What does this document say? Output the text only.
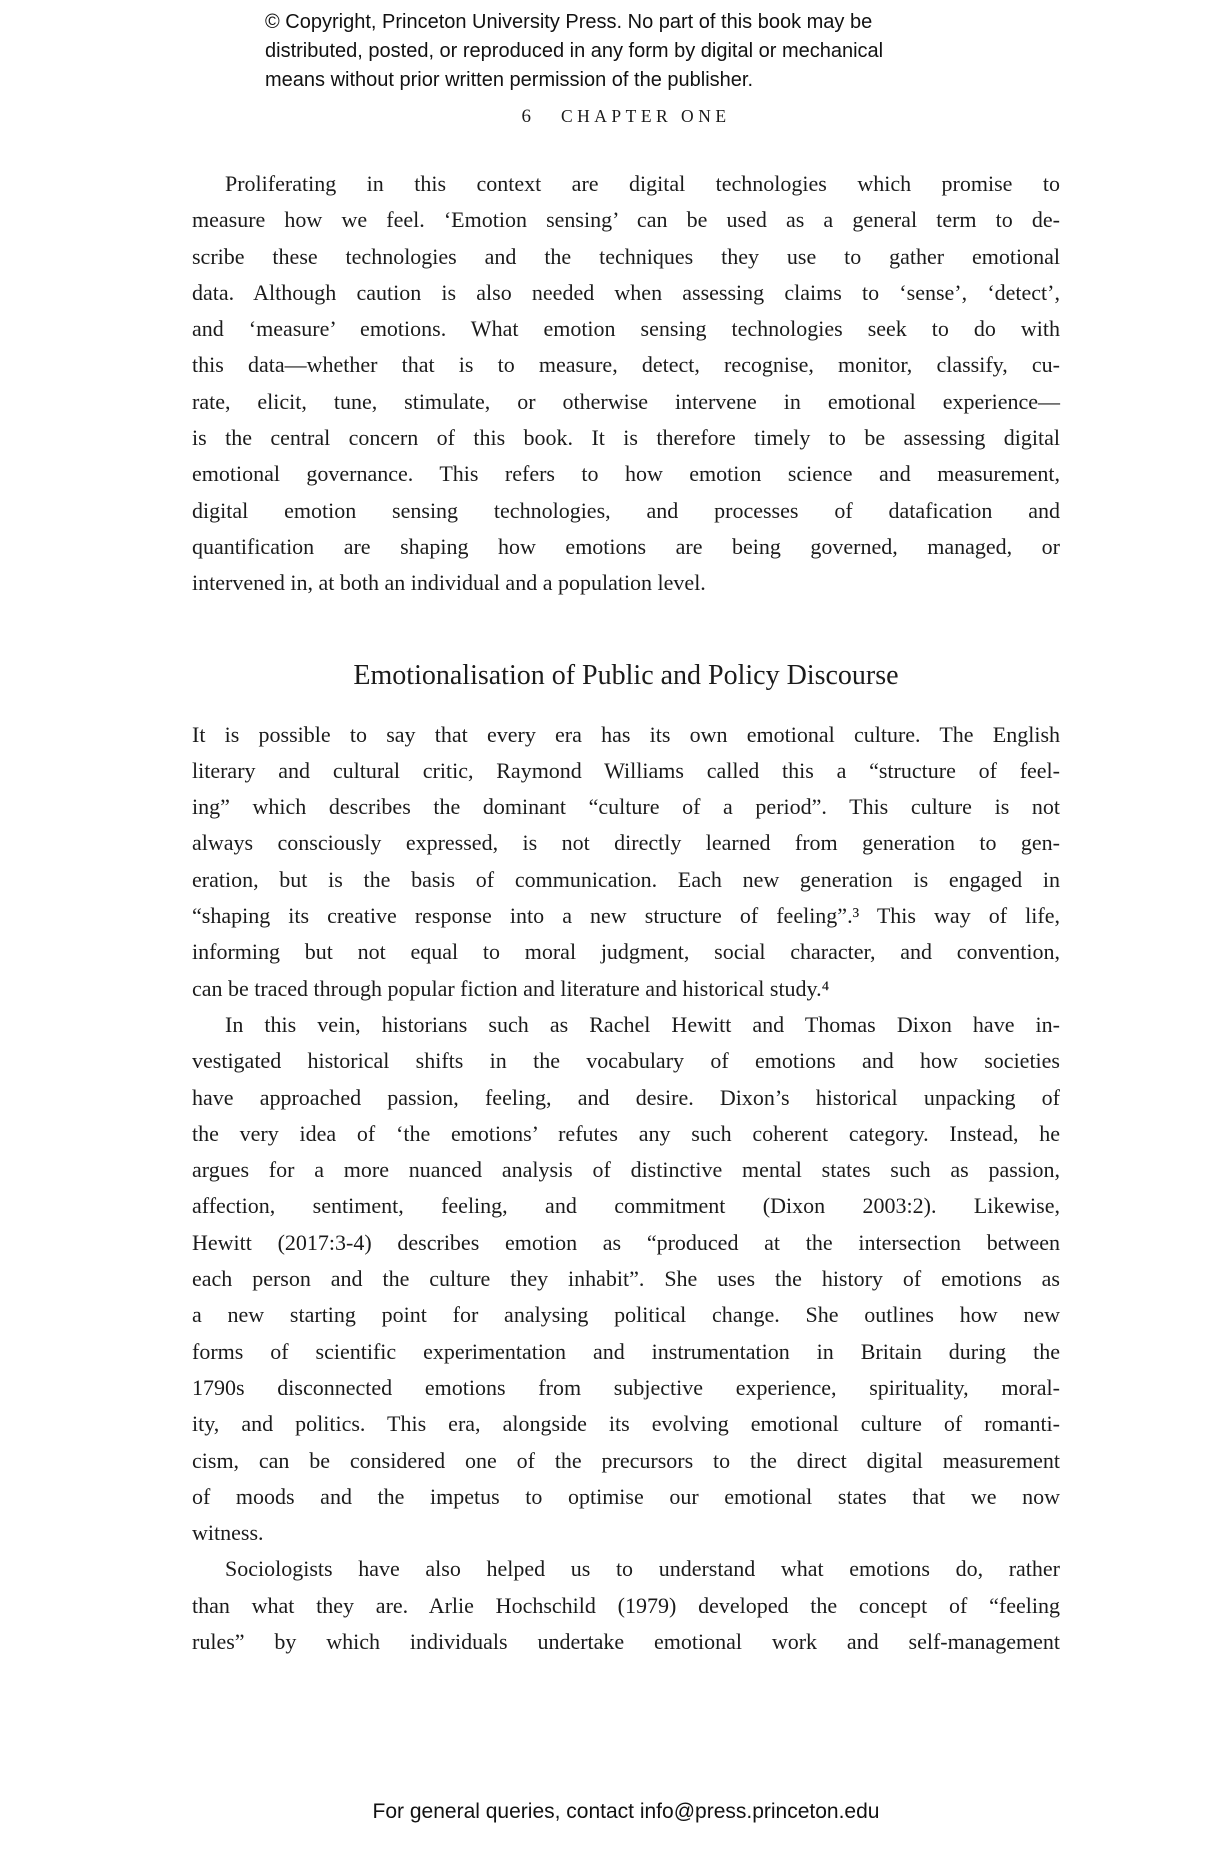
© Copyright, Princeton University Press. No part of this book may be
distributed, posted, or reproduced in any form by digital or mechanical
means without prior written permission of the publisher.
6 CHAPTER ONE
Proliferating in this context are digital technologies which promise to
measure how we feel. ‘Emotion sensing’ can be used as a general term to de-
scribe these technologies and the techniques they use to gather emotional
data. Although caution is also needed when assessing claims to ‘sense’, ‘detect’,
and ‘measure’ emotions. What emotion sensing technologies seek to do with
this data—whether that is to measure, detect, recognise, monitor, classify, cu-
rate, elicit, tune, stimulate, or otherwise intervene in emotional experience—
is the central concern of this book. It is therefore timely to be assessing digital
emotional governance. This refers to how emotion science and measurement,
digital emotion sensing technologies, and processes of datafication and
quantification are shaping how emotions are being governed, managed, or
intervened in, at both an individual and a population level.
Emotionalisation of Public and Policy Discourse
It is possible to say that every era has its own emotional culture. The English
literary and cultural critic, Raymond Williams called this a “structure of feel-
ing” which describes the dominant “culture of a period”. This culture is not
always consciously expressed, is not directly learned from generation to gen-
eration, but is the basis of communication. Each new generation is engaged in
“shaping its creative response into a new structure of feeling”.³ This way of life,
informing but not equal to moral judgment, social character, and convention,
can be traced through popular fiction and literature and historical study.⁴
In this vein, historians such as Rachel Hewitt and Thomas Dixon have in-
vestigated historical shifts in the vocabulary of emotions and how societies
have approached passion, feeling, and desire. Dixon’s historical unpacking of
the very idea of ‘the emotions’ refutes any such coherent category. Instead, he
argues for a more nuanced analysis of distinctive mental states such as passion,
affection, sentiment, feeling, and commitment (Dixon 2003:2). Likewise,
Hewitt (2017:3-4) describes emotion as “produced at the intersection between
each person and the culture they inhabit”. She uses the history of emotions as
a new starting point for analysing political change. She outlines how new
forms of scientific experimentation and instrumentation in Britain during the
1790s disconnected emotions from subjective experience, spirituality, moral-
ity, and politics. This era, alongside its evolving emotional culture of romanti-
cism, can be considered one of the precursors to the direct digital measurement
of moods and the impetus to optimise our emotional states that we now
witness.
Sociologists have also helped us to understand what emotions do, rather
than what they are. Arlie Hochschild (1979) developed the concept of “feeling
rules” by which individuals undertake emotional work and self-management
For general queries, contact info@press.princeton.edu
